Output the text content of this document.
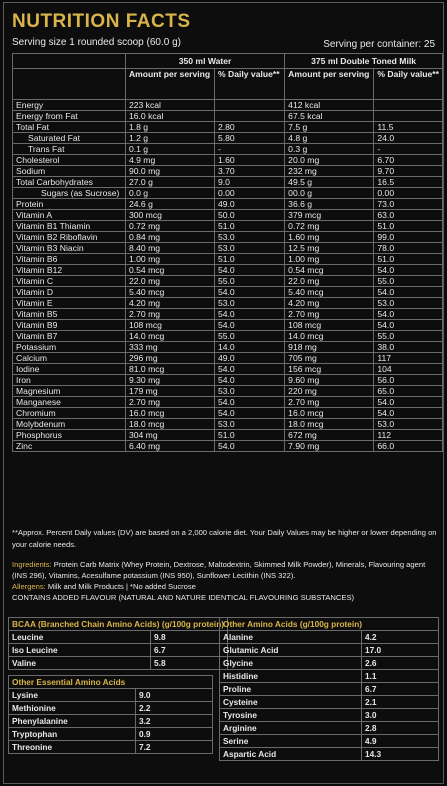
NUTRITION FACTS
Serving size 1 rounded scoop (60.0 g)	Serving per container: 25
	350 ml Water		375 ml Double Toned Milk	
	Amount per serving	% Daily value**	Amount per serving	% Daily value**
Energy	223 kcal		412 kcal	
Energy from Fat	16.0 kcal		67.5 kcal	
Total Fat	1.8 g	2.80	7.5 g	11.5
Saturated Fat	1.2 g	5.80	4.8 g	24.0
Trans Fat	0.1 g	-	0.3 g	-
Cholesterol	4.9 mg	1.60	20.0 mg	6.70
Sodium	90.0 mg	3.70	232 mg	9.70
Total Carbohydrates	27.0 g	9.0	49.5 g	16.5
Sugars (as Sucrose)	0.0 g	0.00	00.0 g	0.00
Protein	24.6 g	49.0	36.6 g	73.0
Vitamin A	300 mcg	50.0	379 mcg	63.0
Vitamin B1 Thiamin	0.72 mg	51.0	0.72 mg	51.0
Vitamin B2 Riboflavin	0.84 mg	53.0	1.60 mg	99.0
Vitamin B3 Niacin	8.40 mg	53.0	12.5 mg	78.0
Vitamin B6	1.00 mg	51.0	1.00 mg	51.0
Vitamin B12	0.54 mcg	54.0	0.54 mcg	54.0
Vitamin C	22.0 mg	55.0	22.0 mg	55.0
Vitamin D	5.40 mcg	54.0	5.40 mcg	54.0
Vitamin E	4.20 mg	53.0	4.20 mg	53.0
Vitamin B5	2.70 mg	54.0	2.70 mg	54.0
Vitamin B9	108 mcg	54.0	108 mcg	54.0
Vitamin B7	14.0 mcg	55.0	14.0 mcg	55.0
Potassium	333 mg	14.0	918 mg	38.0
Calcium	296 mg	49.0	705 mg	117
Iodine	81.0 mcg	54.0	156 mcg	104
Iron	9.30 mg	54.0	9.60 mg	56.0
Magnesium	179 mg	53.0	220 mg	65.0
Manganese	2.70 mg	54.0	2.70 mg	54.0
Chromium	16.0 mcg	54.0	16.0 mcg	54.0
Molybdenum	18.0 mcg	53.0	18.0 mcg	53.0
Phosphorus	304 mg	51.0	672 mg	112
Zinc	6.40 mg	54.0	7.90 mg	66.0
**Approx. Percent Daily values (DV) are based on a 2,000 calorie diet. Your Daily Values may be higher or lower depending on your calorie needs.
Ingredients: Protein Carb Matrix (Whey Protein, Dextrose, Maltodextrin, Skimmed Milk Powder), Minerals, Flavouring agent (INS 296), Vitamins, Acesulfame potassium (INS 950), Sunflower Lecithin (INS 322).
Allergens: Milk and Milk Products | *No added Sucrose
CONTAINS ADDED FLAVOUR (NATURAL AND NATURE IDENTICAL FLAVOURING SUBSTANCES)
BCAA (Branched Chain Amino Acids) (g/100g protein)	
Leucine	9.8
Iso Leucine	6.7
Valine	5.8
Other Essential Amino Acids	
Lysine	9.0
Methionine	2.2
Phenylalanine	3.2
Tryptophan	0.9
Threonine	7.2
Other Amino Acids (g/100g protein)	
Alanine	4.2
Glutamic Acid	17.0
Glycine	2.6
Histidine	1.1
Proline	6.7
Cysteine	2.1
Tyrosine	3.0
Arginine	2.8
Serine	4.9
Aspartic Acid	14.3
